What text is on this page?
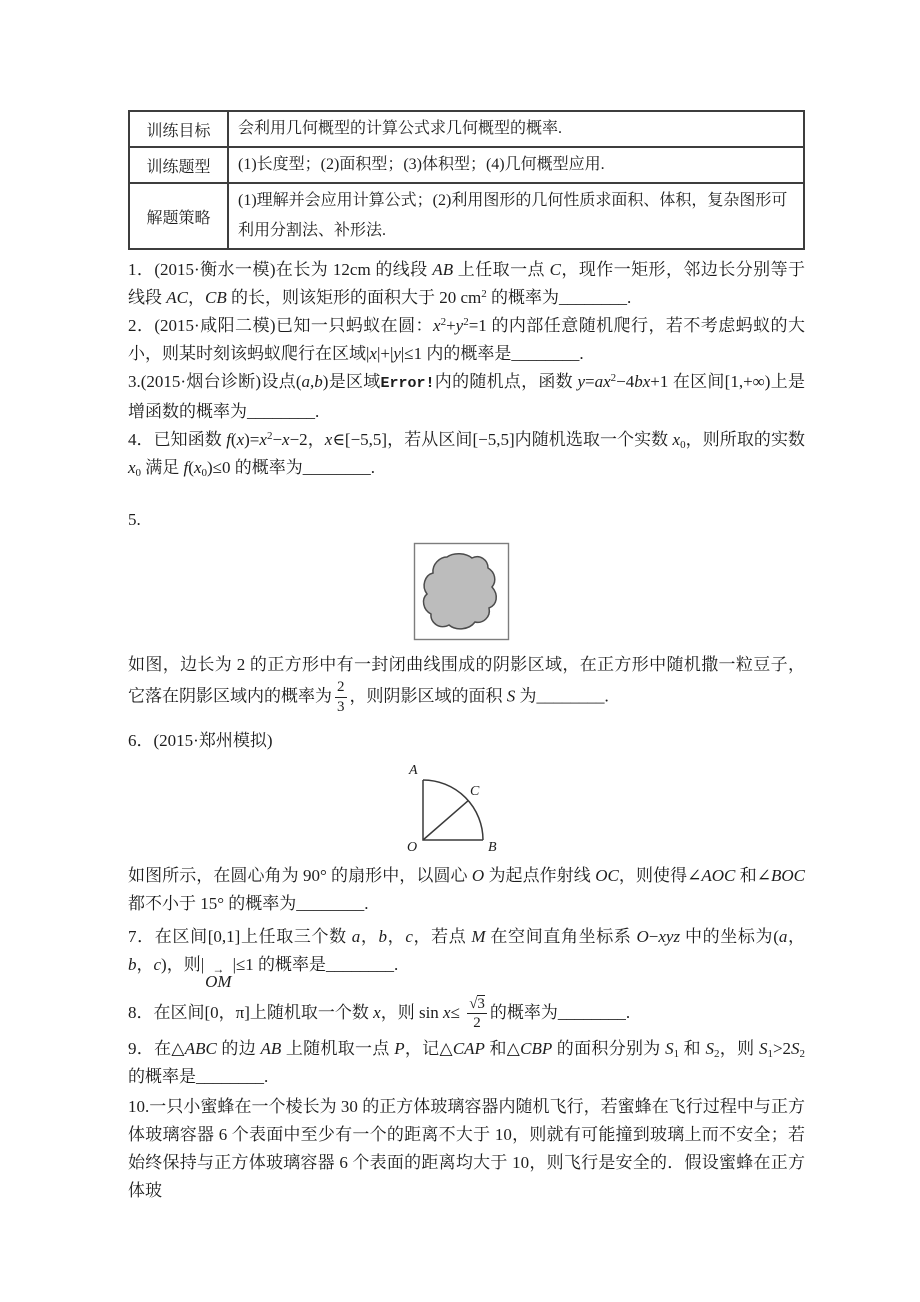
训练目标	会利用几何概型的计算公式求几何概型的概率.
训练题型	(1)长度型；(2)面积型；(3)体积型；(4)几何概型应用.
解题策略	(1)理解并会应用计算公式；(2)利用图形的几何性质求面积、体积，复杂图形可利用分割法、补形法.

1．(2015·衡水一模)在长为 12cm 的线段 AB 上任取一点 C，现作一矩形，邻边长分别等于线段 AC，CB 的长，则该矩形的面积大于 20 $cm^2$ 的概率为________.

2．(2015·咸阳二模)已知一只蚂蚁在圆：$x^2+y^2=1$ 的内部任意随机爬行，若不考虑蚂蚁的大小，则某时刻该蚂蚁爬行在区域|x|+|y|≤1 内的概率是________.

3.(2015·烟台诊断)设点(a,b)是区域Error!内的随机点，函数 $y=ax^2-4bx+1$ 在区间[1,+∞)上是增函数的概率为________.

4．已知函数 $f(x)=x^2-x-2$，x∈[−5,5]，若从区间[−5,5]内随机选取一个实数 x0，则所取的实数 x0 满足 f(x0)≤0 的概率为________.

5.

如图，边长为 2 的正方形中有一封闭曲线围成的阴影区域，在正方形中随机撒一粒豆子，它落在阴影区域内的概率为 $\frac{2}{3}$ ，则阴影区域的面积 S 为________.

6．(2015·郑州模拟)

A
C
O	B

如图所示，在圆心角为 90° 的扇形中，以圆心 O 为起点作射线 OC，则使得∠AOC 和∠BOC 都不小于 15° 的概率为________.

7．在区间[0,1]上任取三个数 a，b，c，若点 M 在空间直角坐标系 O−xyz 中的坐标为(a，b，c)，则| →
OM
|≤1 的概率是________.

8．在区间[0，π]上随机取一个数 x，则 $\sin x\le \frac{√ 3}{2}$ 的概率为________.

9．在△ABC 的边 AB 上随机取一点 P，记△CAP 和△CBP 的面积分别为 S1 和 S2，则 S1>2S2 的概率是________.

10.一只小蜜蜂在一个棱长为 30 的正方体玻璃容器内随机飞行，若蜜蜂在飞行过程中与正方体玻璃容器 6 个表面中至少有一个的距离不大于 10，则就有可能撞到玻璃上而不安全；若始终保持与正方体玻璃容器 6 个表面的距离均大于 10，则飞行是安全的．假设蜜蜂在正方体玻
